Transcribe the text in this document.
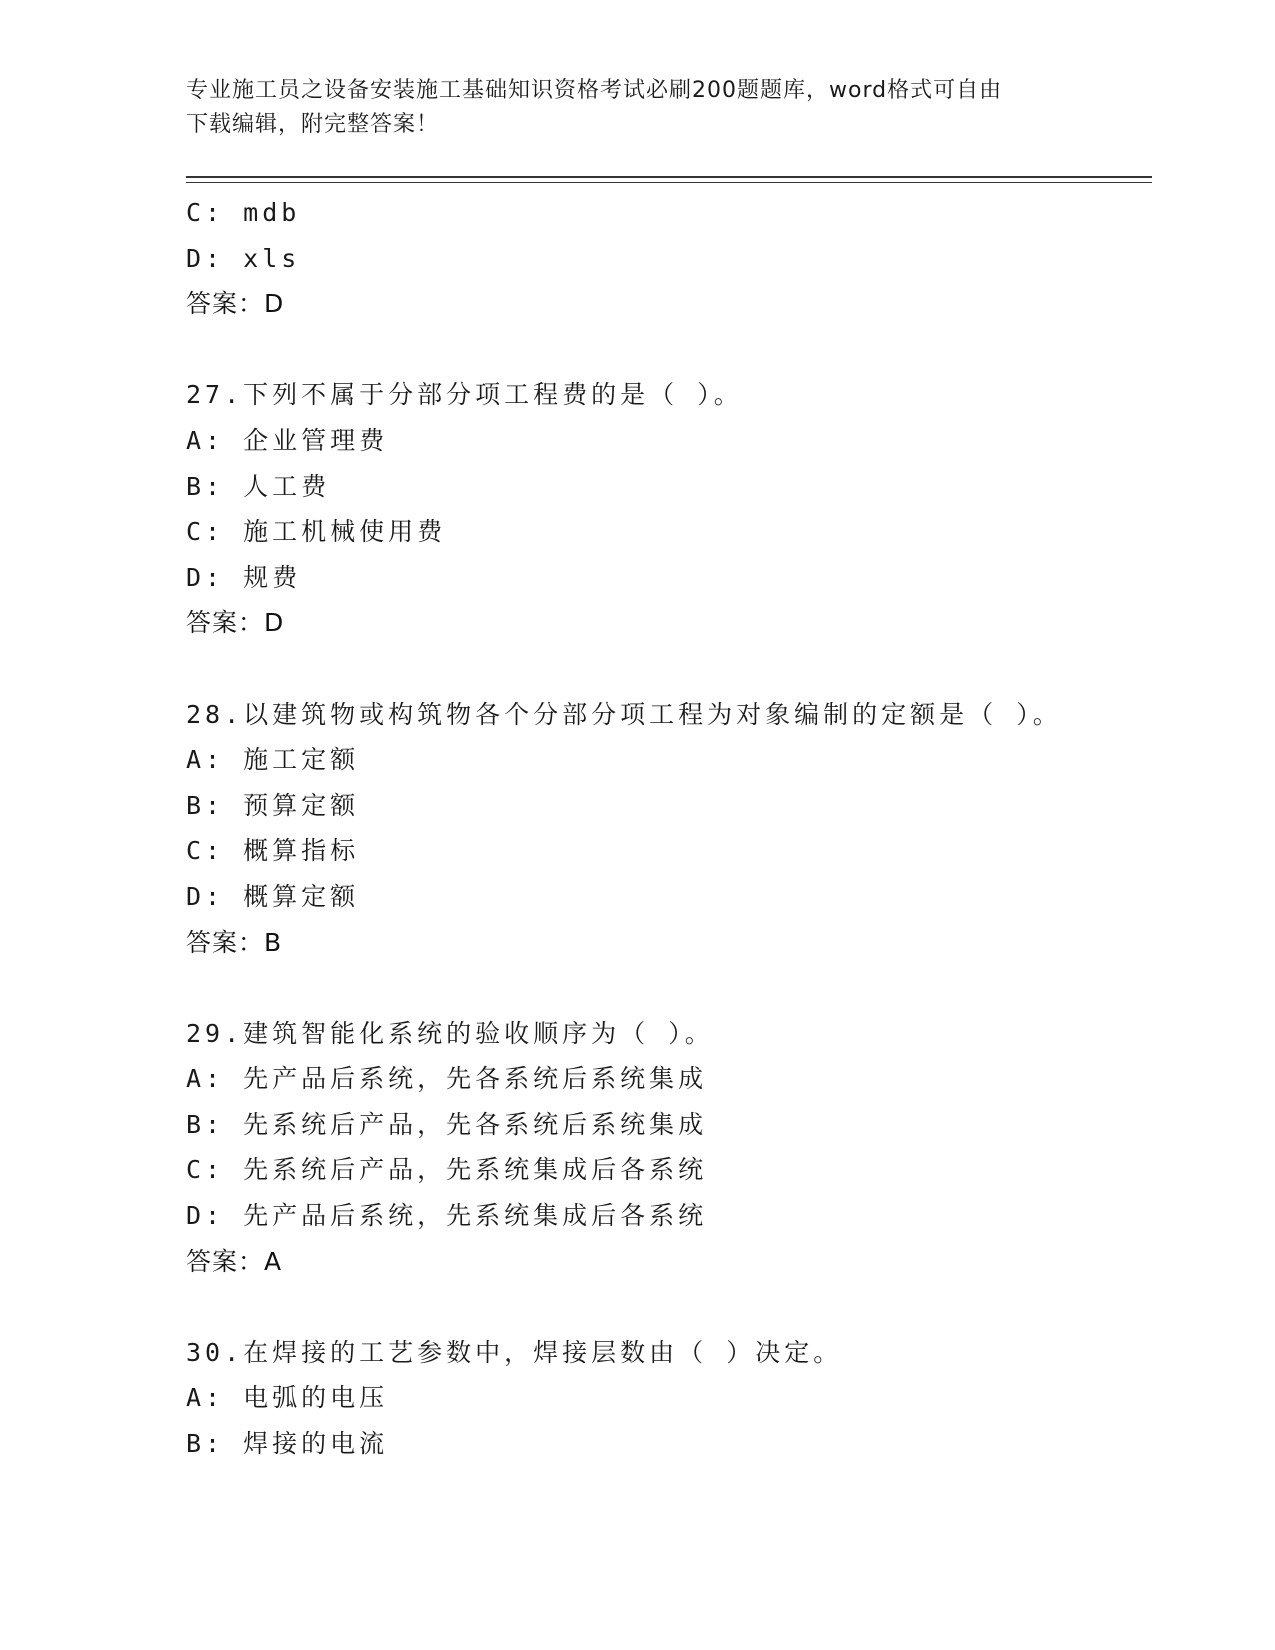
专业施工员之设备安装施工基础知识资格考试必刷200题题库，word格式可自由
下载编辑，附完整答案！
C: mdb
D: xls
答案：D
27.下列不属于分部分项工程费的是（ ）。
A: 企业管理费
B: 人工费
C: 施工机械使用费
D: 规费
答案：D
28.以建筑物或构筑物各个分部分项工程为对象编制的定额是（ ）。
A: 施工定额
B: 预算定额
C: 概算指标
D: 概算定额
答案：B
29.建筑智能化系统的验收顺序为（ ）。
A: 先产品后系统，先各系统后系统集成
B: 先系统后产品，先各系统后系统集成
C: 先系统后产品，先系统集成后各系统
D: 先产品后系统，先系统集成后各系统
答案：A
30.在焊接的工艺参数中，焊接层数由（ ）决定。
A: 电弧的电压
B: 焊接的电流
